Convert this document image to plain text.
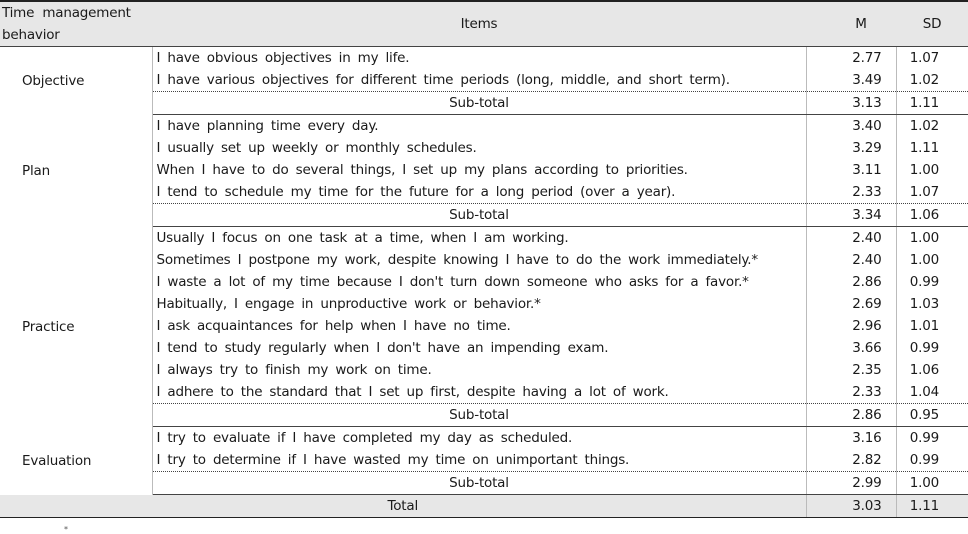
Time management behavior	Items	M	SD
Objective	I have obvious objectives in my life.	2.77	1.07
	I have various objectives for different time periods (long, middle, and short term).	3.49	1.02
	Sub-total	3.13	1.11
Plan	I have planning time every day.	3.40	1.02
	I usually set up weekly or monthly schedules.	3.29	1.11
	When I have to do several things, I set up my plans according to priorities.	3.11	1.00
	I tend to schedule my time for the future for a long period (over a year).	2.33	1.07
	Sub-total	3.34	1.06
Practice	Usually I focus on one task at a time, when I am working.	2.40	1.00
	Sometimes I postpone my work, despite knowing I have to do the work immediately.*	2.40	1.00
	I waste a lot of my time because I don't turn down someone who asks for a favor.*	2.86	0.99
	Habitually, I engage in unproductive work or behavior.*	2.69	1.03
	I ask acquaintances for help when I have no time.	2.96	1.01
	I tend to study regularly when I don't have an impending exam.	3.66	0.99
	I always try to finish my work on time.	2.35	1.06
	I adhere to the standard that I set up first, despite having a lot of work.	2.33	1.04
	Sub-total	2.86	0.95
Evaluation	I try to evaluate if I have completed my day as scheduled.	3.16	0.99
	I try to determine if I have wasted my time on unimportant things.	2.82	0.99
	Sub-total	2.99	1.00
Total		3.03	1.11
*
